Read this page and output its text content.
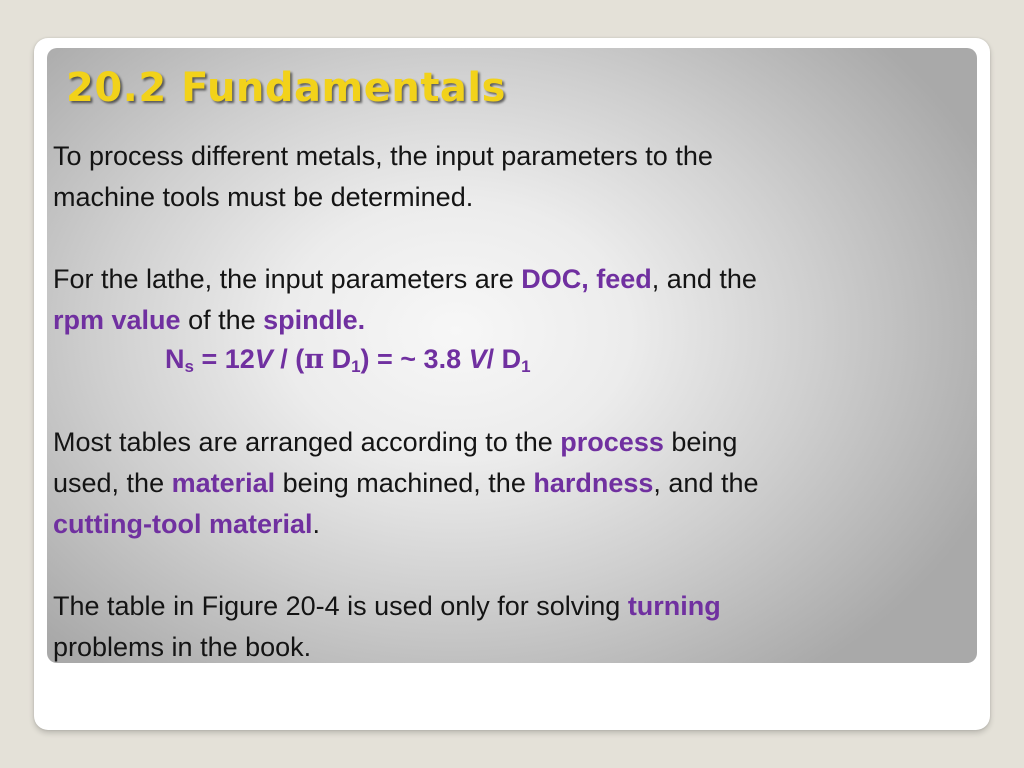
20.2 Fundamentals

To process different metals, the input parameters to the

machine tools must be determined.

For the lathe, the input parameters are DOC, feed, and the

rpm value of the spindle.

$N_s = 12V / (\pi$ $D_1$) = ~ 3.8 V/ $D_1$

Most tables are arranged according to the process being

used, the material being machined, the hardness, and the

cutting-tool material.

The table in Figure 20-4 is used only for solving turning

problems in the book.
